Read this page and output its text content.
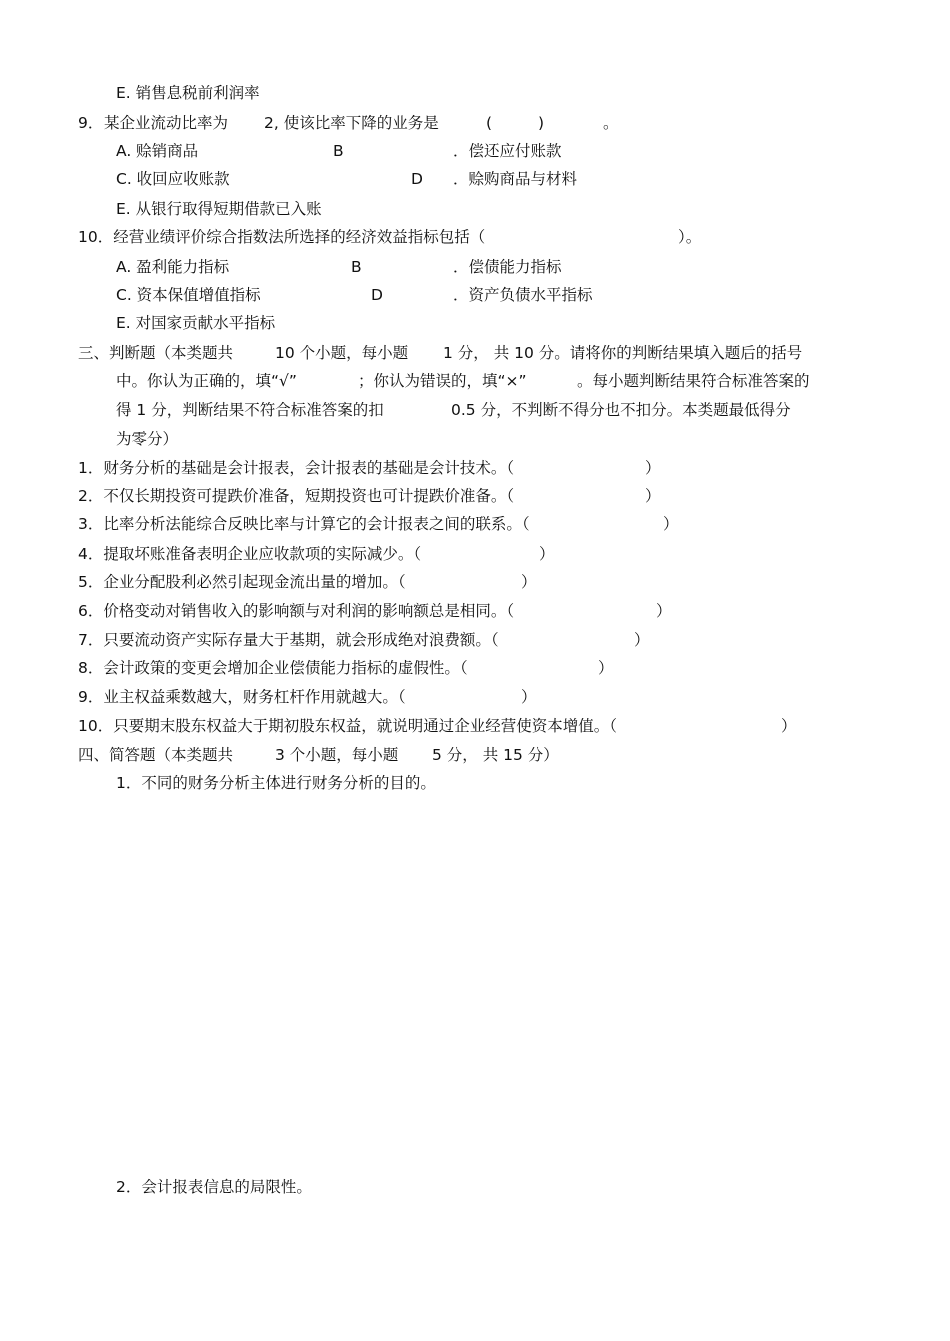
E. 销售息税前利润率
9． 某企业流动比率为 2, 使该比率下降的业务是	(	)	。
A. 赊销商品	B	．偿还应付账款
C. 收回应收账款	D ．赊购商品与材料
E. 从银行取得短期借款已入账
10．经营业绩评价综合指数法所选择的经济效益指标包括（	）。
A. 盈利能力指标	B	．偿债能力指标
C. 资本保值增值指标	D	．资产负债水平指标
E. 对国家贡献水平指标
三、判断题（本类题共	10 个小题，每小题 1 分， 共 10 分。请将你的判断结果填入题后的括号
中。你认为正确的，填“√”	；你认为错误的，填“×”	。每小题判断结果符合标准答案的
得 1 分，判断结果不符合标准答案的扣	0.5 分，不判断不得分也不扣分。本类题最低得分
为零分）
1．财务分析的基础是会计报表，会计报表的基础是会计技术。（	）
2．不仅长期投资可提跌价准备，短期投资也可计提跌价准备。（	）
3．比率分析法能综合反映比率与计算它的会计报表之间的联系。（	）
4．提取坏账准备表明企业应收款项的实际减少。（	）
5．企业分配股利必然引起现金流出量的增加。（	）
6．价格变动对销售收入的影响额与对利润的影响额总是相同。（	）
7．只要流动资产实际存量大于基期，就会形成绝对浪费额。（	）
8．会计政策的变更会增加企业偿债能力指标的虚假性。（	）
9．业主权益乘数越大，财务杠杆作用就越大。（	）
10．只要期末股东权益大于期初股东权益，就说明通过企业经营使资本增值。（	）
四、简答题（本类题共	3 个小题，每小题 5 分， 共 15 分）
1．不同的财务分析主体进行财务分析的目的。
2．会计报表信息的局限性。
